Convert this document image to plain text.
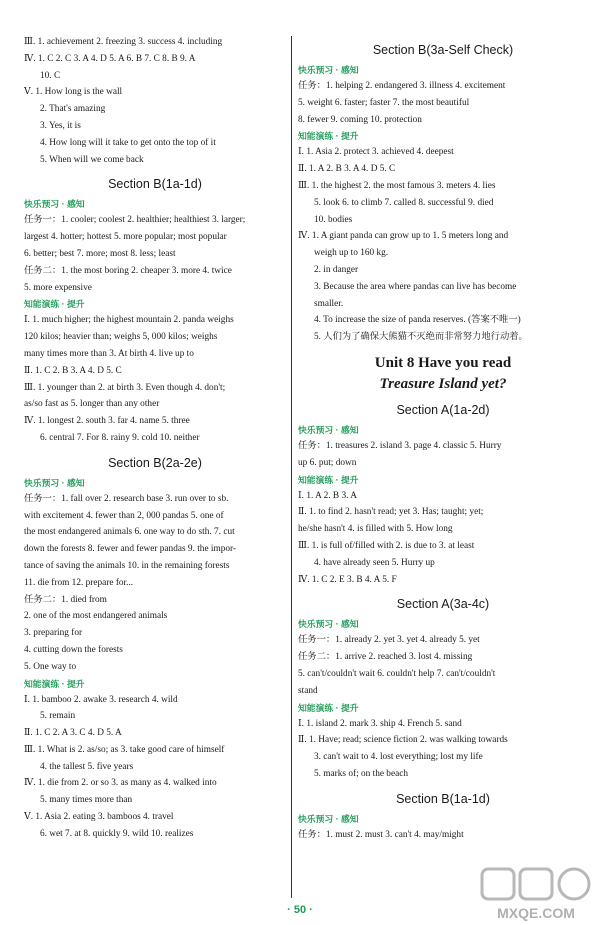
Ⅲ. 1. achievement 2. freezing 3. success 4. including
Ⅳ. 1. C 2. C 3. A 4. D 5. A 6. B 7. C 8. B 9. A
10. C
Ⅴ. 1. How long is the wall
2. That's amazing
3. Yes, it is
4. How long will it take to get onto the top of it
5. When will we come back
Section B(1a-1d)
快乐预习 · 感知
任务一：1. cooler; coolest 2. healthier; healthiest 3. larger;
largest 4. hotter; hottest 5. more popular; most popular
6. better; best 7. more; most 8. less; least
任务二：1. the most boring 2. cheaper 3. more 4. twice
5. more expensive
知能演练 · 提升
Ⅰ. 1. much higher; the highest mountain 2. panda weighs
120 kilos; heavier than; weighs 5, 000 kilos; weighs
many times more than 3. At birth 4. live up to
Ⅱ. 1. C 2. B 3. A 4. D 5. C
Ⅲ. 1. younger than 2. at birth 3. Even though 4. don't;
as/so fast as 5. longer than any other
Ⅳ. 1. longest 2. south 3. far 4. name 5. three
6. central 7. For 8. rainy 9. cold 10. neither
Section B(2a-2e)
快乐预习 · 感知
任务一：1. fall over 2. research base 3. run over to sb.
with excitement 4. fewer than 2, 000 pandas 5. one of
the most endangered animals 6. one way to do sth. 7. cut
down the forests 8. fewer and fewer pandas 9. the impor-
tance of saving the animals 10. in the remaining forests
11. die from 12. prepare for...
任务二：1. died from
2. one of the most endangered animals
3. preparing for
4. cutting down the forests
5. One way to
知能演练 · 提升
Ⅰ. 1. bamboo 2. awake 3. research 4. wild
5. remain
Ⅱ. 1. C 2. A 3. C 4. D 5. A
Ⅲ. 1. What is 2. as/so; as 3. take good care of himself
4. the tallest 5. five years
Ⅳ. 1. die from 2. or so 3. as many as 4. walked into
5. many times more than
Ⅴ. 1. Asia 2. eating 3. bamboos 4. travel
6. wet 7. at 8. quickly 9. wild 10. realizes
Section B(3a-Self Check)
快乐预习 · 感知
任务：1. helping 2. endangered 3. illness 4. excitement
5. weight 6. faster; faster 7. the most beautiful
8. fewer 9. coming 10. protection
知能演练 · 提升
Ⅰ. 1. Asia 2. protect 3. achieved 4. deepest
Ⅱ. 1. A 2. B 3. A 4. D 5. C
Ⅲ. 1. the highest 2. the most famous 3. meters 4. lies
5. look 6. to climb 7. called 8. successful 9. died
10. bodies
Ⅳ. 1. A giant panda can grow up to 1. 5 meters long and
weigh up to 160 kg.
2. in danger
3. Because the area where pandas can live has become
smaller.
4. To increase the size of panda reserves. (答案不唯一)
5. 人们为了确保大熊猫不灭绝而非常努力地行动着。
Unit 8 Have you read
Treasure Island yet?
Section A(1a-2d)
快乐预习 · 感知
任务：1. treasures 2. island 3. page 4. classic 5. Hurry
up 6. put; down
知能演练 · 提升
Ⅰ. 1. A 2. B 3. A
Ⅱ. 1. to find 2. hasn't read; yet 3. Has; taught; yet;
he/she hasn't 4. is filled with 5. How long
Ⅲ. 1. is full of/filled with 2. is due to 3. at least
4. have already seen 5. Hurry up
Ⅳ. 1. C 2. E 3. B 4. A 5. F
Section A(3a-4c)
快乐预习 · 感知
任务一：1. already 2. yet 3. yet 4. already 5. yet
任务二：1. arrive 2. reached 3. lost 4. missing
5. can't/couldn't wait 6. couldn't help 7. can't/couldn't
stand
知能演练 · 提升
Ⅰ. 1. island 2. mark 3. ship 4. French 5. sand
Ⅱ. 1. Have; read; science fiction 2. was walking towards
3. can't wait to 4. lost everything; lost my life
5. marks of; on the beach
Section B(1a-1d)
快乐预习 · 感知
任务：1. must 2. must 3. can't 4. may/might
· 50 ·	MXQE.COM
